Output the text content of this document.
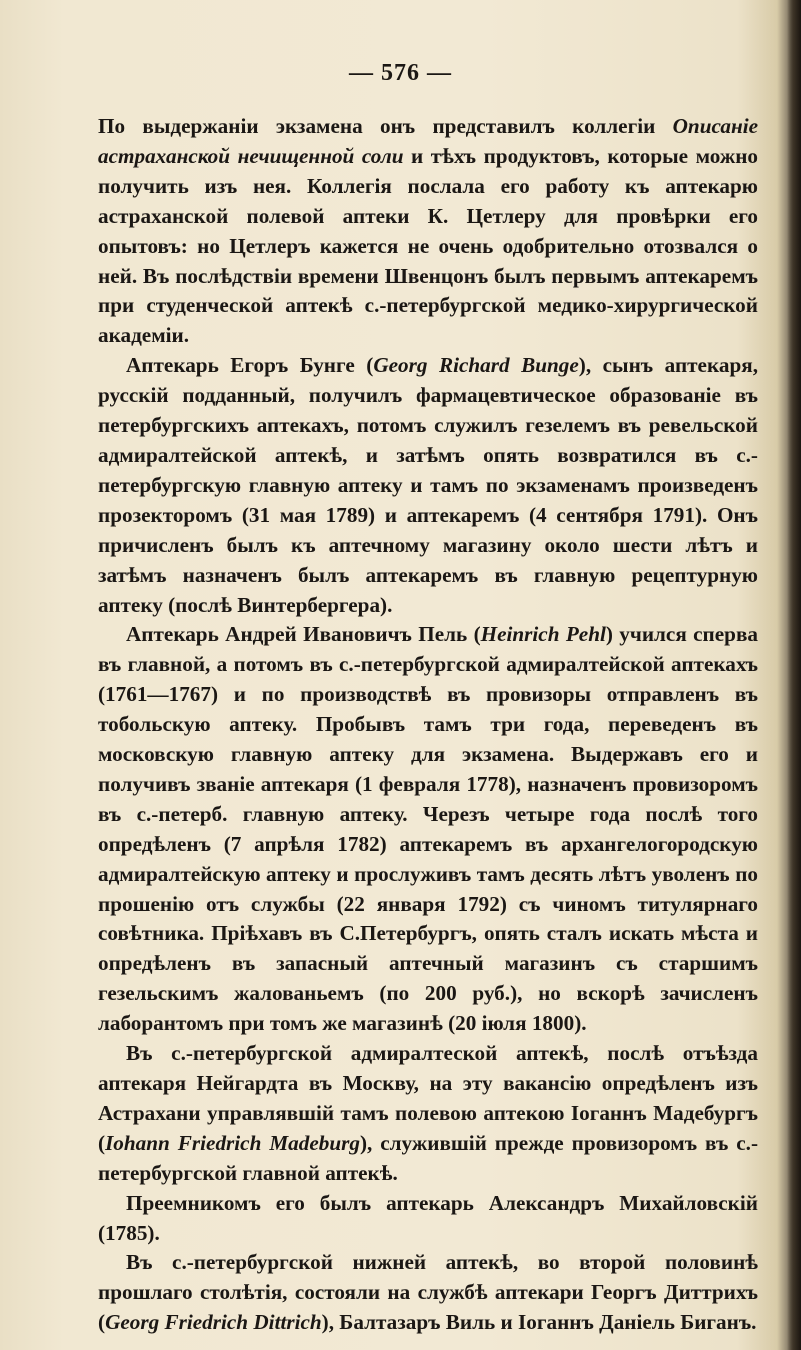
— 576 —

По выдержаніи экзамена онъ представилъ коллегіи Описаніе астраханской нечищенной соли и тѣхъ продуктовъ, которые можно получить изъ нея. Коллегія послала его работу къ аптекарю астраханской полевой аптеки К. Цетлеру для провѣрки его опытовъ: но Цетлеръ кажется не очень одобрительно отозвался о ней. Въ послѣдствіи времени Швенцонъ былъ первымъ аптекаремъ при студенческой аптекѣ с.-петербургской медико-хирургической академіи.

Аптекарь Егоръ Бунге (Georg Richard Bunge), сынъ аптекаря, русскій подданный, получилъ фармацевтическое образованіе въ петербургскихъ аптекахъ, потомъ служилъ гезелемъ въ ревельской адмиралтейской аптекѣ, и затѣмъ опять возвратился въ с.-петербургскую главную аптеку и тамъ по экзаменамъ произведенъ прозекторомъ (31 мая 1789) и аптекаремъ (4 сентября 1791). Онъ причисленъ былъ къ аптечному магазину около шести лѣтъ и затѣмъ назначенъ былъ аптекаремъ въ главную рецептурную аптеку (послѣ Винтербергера).

Аптекарь Андрей Ивановичъ Пель (Heinrich Pehl) учился сперва въ главной, а потомъ въ с.-петербургской адмиралтейской аптекахъ (1761—1767) и по производствѣ въ провизоры отправленъ въ тобольскую аптеку. Пробывъ тамъ три года, переведенъ въ московскую главную аптеку для экзамена. Выдержавъ его и получивъ званіе аптекаря (1 февраля 1778), назначенъ провизоромъ въ с.-петерб. главную аптеку. Черезъ четыре года послѣ того опредѣленъ (7 апрѣля 1782) аптекаремъ въ архангелогородскую адмиралтейскую аптеку и прослуживъ тамъ десять лѣтъ уволенъ по прошенію отъ службы (22 января 1792) съ чиномъ титулярнаго совѣтника. Пріѣхавъ въ С.Петербургъ, опять сталъ искать мѣста и опредѣленъ въ запасный аптечный магазинъ съ старшимъ гезельскимъ жалованьемъ (по 200 руб.), но вскорѣ зачисленъ лаборантомъ при томъ же магазинѣ (20 іюля 1800).

Въ с.-петербургской адмиралтеской аптекѣ, послѣ отъѣзда аптекаря Нейгардта въ Москву, на эту вакансію опредѣленъ изъ Астрахани управлявшій тамъ полевою аптекою Іоганнъ Мадебургъ (Iohann Friedrich Madeburg), служившій прежде провизоромъ въ с.-петербургской главной аптекѣ.

Преемникомъ его былъ аптекарь Александръ Михайловскій (1785).

Въ с.-петербургской нижней аптекѣ, во второй половинѣ прошлаго столѣтія, состояли на службѣ аптекари Георгъ Диттрихъ (Georg Friedrich Dittrich), Балтазаръ Виль и Іоганнъ Даніель Биганъ.
